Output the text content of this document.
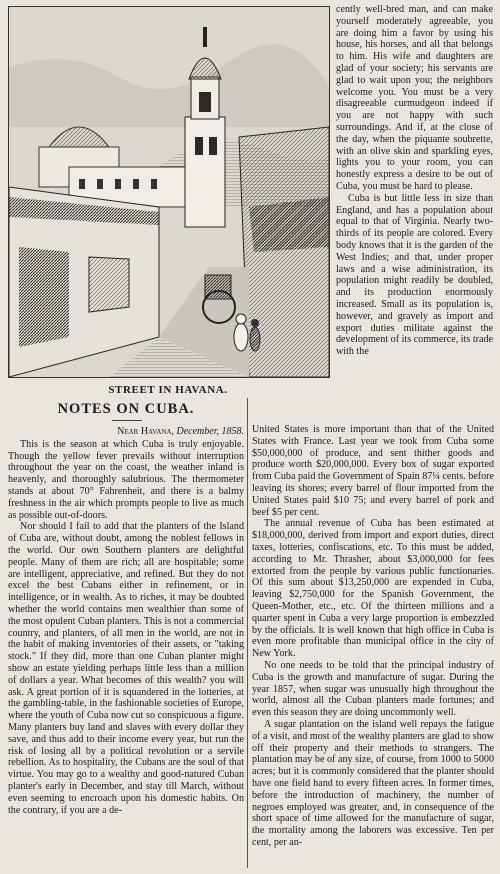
STREET IN HAVANA.

cently well-bred man, and can make yourself moderately agreeable, you are doing him a favor by using his house, his horses, and all that belongs to him. His wife and daughters are glad of your society; his servants are glad to wait upon you; the neighbors welcome you. You must be a very disagreeable curmudgeon indeed if you are not happy with such surroundings. And if, at the close of the day, when the piquante soubrette, with an olive skin and sparkling eyes, lights you to your room, you can honestly express a desire to be out of Cuba, you must be hard to please.

Cuba is but little less in size than England, and has a population about equal to that of Virginia. Nearly two-thirds of its people are colored. Every body knows that it is the garden of the West Indies; and that, under proper laws and a wise administration, its population might readily be doubled, and its production enormously increased. Small as its population is, however, and gravely as import and export duties militate against the development of its commerce, its trade with the

NOTES ON CUBA.
Near Havana, December, 1858.

This is the season at which Cuba is truly enjoyable. Though the yellow fever prevails without interruption throughout the year on the coast, the weather inland is heavenly, and thoroughly salubrious. The thermometer stands at about 70° Fahrenheit, and there is a balmy freshness in the air which prompts people to live as much as possible out-of-doors.

Nor should I fail to add that the planters of the Island of Cuba are, without doubt, among the noblest fellows in the world. Our own Southern planters are delightful people. Many of them are rich; all are hospitable; some are intelligent, appreciative, and refined. But they do not excel the best Cubans either in refinement, or in intelligence, or in wealth. As to riches, it may be doubted whether the world contains men wealthier than some of the most opulent Cuban planters. This is not a commercial country, and planters, of all men in the world, are not in the habit of making inventories of their assets, or "taking stock." If they did, more than one Cuban planter might show an estate yielding perhaps little less than a million of dollars a year. What becomes of this wealth? you will ask. A great portion of it is squandered in the lotteries, at the gambling-table, in the fashionable societies of Europe, where the youth of Cuba now cut so conspicuous a figure. Many planters buy land and slaves with every dollar they save, and thus add to their income every year, but run the risk of losing all by a political revolution or a servile rebellion. As to hospitality, the Cubans are the soul of that virtue. You may go to a wealthy and good-natured Cuban planter's early in December, and stay till March, without even seeming to encroach upon his domestic habits. On the contrary, if you are a de-

United States is more important than that of the United States with France. Last year we took from Cuba some $50,000,000 of produce, and sent thither goods and produce worth $20,000,000. Every box of sugar exported from Cuba paid the Government of Spain 87¼ cents. before leaving its shores; every barrel of flour imported from the United States paid $10 75; and every barrel of pork and beef $5 per cent.

The annual revenue of Cuba has been estimated at $18,000,000, derived from import and export duties, direct taxes, lotteries, confiscations, etc. To this must be added, according to Mr. Thrasher, about $3,000,000 for fees extorted from the people by various public functionaries. Of this sum about $13,250,000 are expended in Cuba, leaving $2,750,000 for the Spanish Government, the Queen-Mother, etc., etc. Of the thirteen millions and a quarter spent in Cuba a very large proportion is embezzled by the officials. It is well known that high office in Cuba is even more profitable than municipal office in the city of New York.

No one needs to be told that the principal industry of Cuba is the growth and manufacture of sugar. During the year 1857, when sugar was unusually high throughout the world, almost all the Cuban planters made fortunes; and even this season they are doing uncommonly well.

A sugar plantation on the island well repays the fatigue of a visit, and most of the wealthy planters are glad to show off their property and their methods to strangers. The plantation may be of any size, of course, from 1000 to 5000 acres; but it is commonly considered that the planter should have one field hand to every fifteen acres. In former times, before the introduction of machinery, the number of negroes employed was greater, and, in consequence of the short space of time allowed for the manufacture of sugar, the mortality among the laborers was excessive. Ten per cent, per an-
